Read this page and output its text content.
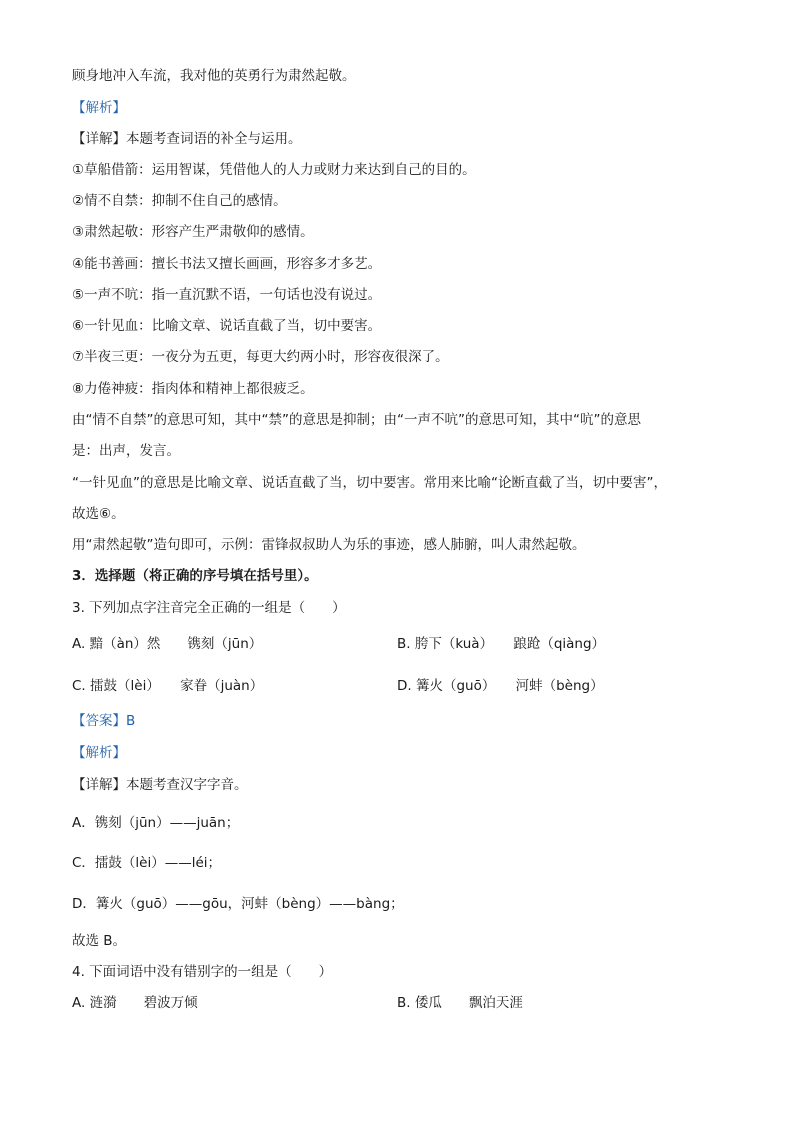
顾身地冲入车流，我对他的英勇行为肃然起敬。
【解析】
【详解】本题考查词语的补全与运用。
①草船借箭：运用智谋，凭借他人的人力或财力来达到自己的目的。
②情不自禁：抑制不住自己的感情。
③肃然起敬：形容产生严肃敬仰的感情。
④能书善画：擅长书法又擅长画画，形容多才多艺。
⑤一声不吭：指一直沉默不语，一句话也没有说过。
⑥一针见血：比喻文章、说话直截了当，切中要害。
⑦半夜三更：一夜分为五更，每更大约两小时，形容夜很深了。
⑧力倦神疲：指肉体和精神上都很疲乏。
由“情不自禁”的意思可知，其中“禁”的意思是抑制；由“一声不吭”的意思可知，其中“吭”的意思
是：出声，发言。
“一针见血”的意思是比喻文章、说话直截了当，切中要害。常用来比喻“论断直截了当，切中要害”，
故选⑥。
用“肃然起敬”造句即可，示例：雷锋叔叔助人为乐的事迹，感人肺腑，叫人肃然起敬。
3．选择题（将正确的序号填在括号里）。
3. 下列加点字注音完全正确的一组是（　　）
A. 黯（àn）然　　镌刻（jūn）	B. 胯下（kuà）　　踉跄（qiàng）
C. 擂鼓（lèi）　　家眷（juàn）	D. 篝火（guō）　　河蚌（bèng）
【答案】B
【解析】
【详解】本题考查汉字字音。
A．镌刻（jūn）——juān；
C．擂鼓（lèi）——léi；
D．篝火（guō）——gōu，河蚌（bèng）——bàng；
故选 B。
4. 下面词语中没有错别字的一组是（　　）
A. 涟漪　　碧波万倾	B. 倭瓜　　飘泊天涯
